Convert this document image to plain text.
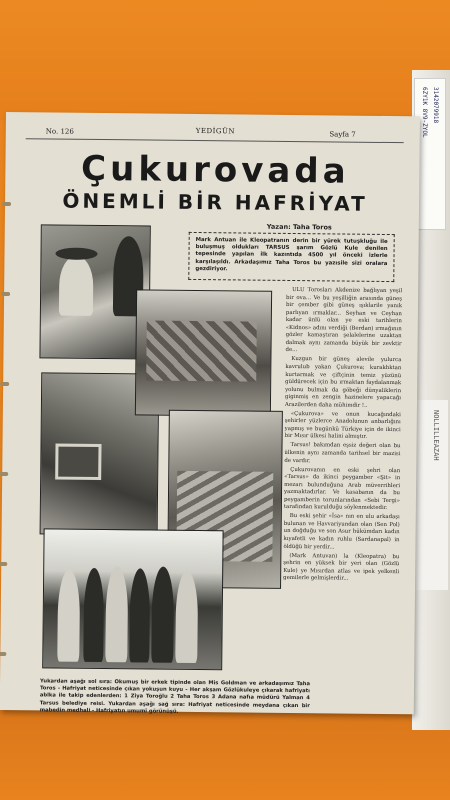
6ZY1K 8V9-ZYOL 3142079918
NOLLILLEAZAH
No. 126	YEDİGÜN	Sayfa 7
Çukurovada
ÖNEMLİ BİR HAFRİYAT
Yazan: Taha Toros
Mark Antuan ile Kleopatranın derin bir yürek tutuşkluğu ile buluşmuş oldukları TARSUS şarım Gözlü Kule denilen tepesinde yapılan ilk kazıntıda 4500 yıl önceki izlerle karşılaşıldı. Arkadaşımız Taha Toros bu yazısile sizi oralara gezdiriyor.

ULU Torosları Akdenize bağlıyan yeşil bir ova... Ve bu yeşilliğin arasında güneş bir çember gibi güneş ışıklarile yanık parlıyan ırmaklar... Seyhan ve Ceyhan kadar ünlü olan ye eski tarihlerin «Kidnos» adını verdiği (Berdan) ırmağının gözler kamaştıran şelalelerine uzaktan dalmak aynı zamanda büyük bir zevktir de...

Kuzgun bir güneş alevile yulurca kavrulub yakan Çukurova; kurakhktan kurtarmak ve çiftçinin temiz yüzünü güldürecek için bu ırmaktan faydalanmak yolunu bulmak da göbeği dünyaliklerin giginmiş en zengin hazinelere yapacağı Arazilerden daha mühimdir !..

«Çukurova» ve onun kucağındaki şehirler yüzlerce Anadolunun anbarlığını yapmış ve bugünkü Türkiye için de ikinci bir Mısır ülkesi halini almıştır.

Tarsus! bakımdan eşsiz değeri olan bu ülkenin aynı zamanda tarihsel bir mazisi de vardır.

Çukurovanın en eski şehri olan «Tarsus» da ikinci peygamber «Şit» in mezarı bulunduğuna Arab müverrihleri yazmaktadırlar. Ve kasabanın da bu peygamberin torunlarından «Sebi Tergi» tarafından kurulduğu söylenmektedir.

Bu eski şehir «İsa» nın en ulu arkadaşı bulunan ve Havvariyundan olan (Sen Pol) un doğduğu ve son Asur hükümdarı kadın kıyafetli ve kadın ruhlu (Sardanapal) in öldüğü bir yerdir...

(Mark Antuvan) la (Kleopatra) bu şehrin en yüksek bir yeri olan (Gözlü Kule) ye Mısırdan atlas ve ipek yelkenli gemilerle gelmişlerdir...

Yukardan aşağı sol sıra: Okumuş bir erkek tipinde olan Mis Goldman ve arkadaşımız Taha Toros - Hafriyat neticesinde çıkan yokuşun kuyu - Her akşam Gözlükuleye çıkarak hafriyatı ablka ile takip edenlerden: 1 Ziya Toroğlu 2 Taha Toros 3 Adana nafıa müdürü Yalman 4 Tarsus belediye reisi. Yukardan aşağı sağ sıra: Hafriyat neticesinde meydana çıkan bir mabedin medhali - Hafriyatın umumî görünüşü.
